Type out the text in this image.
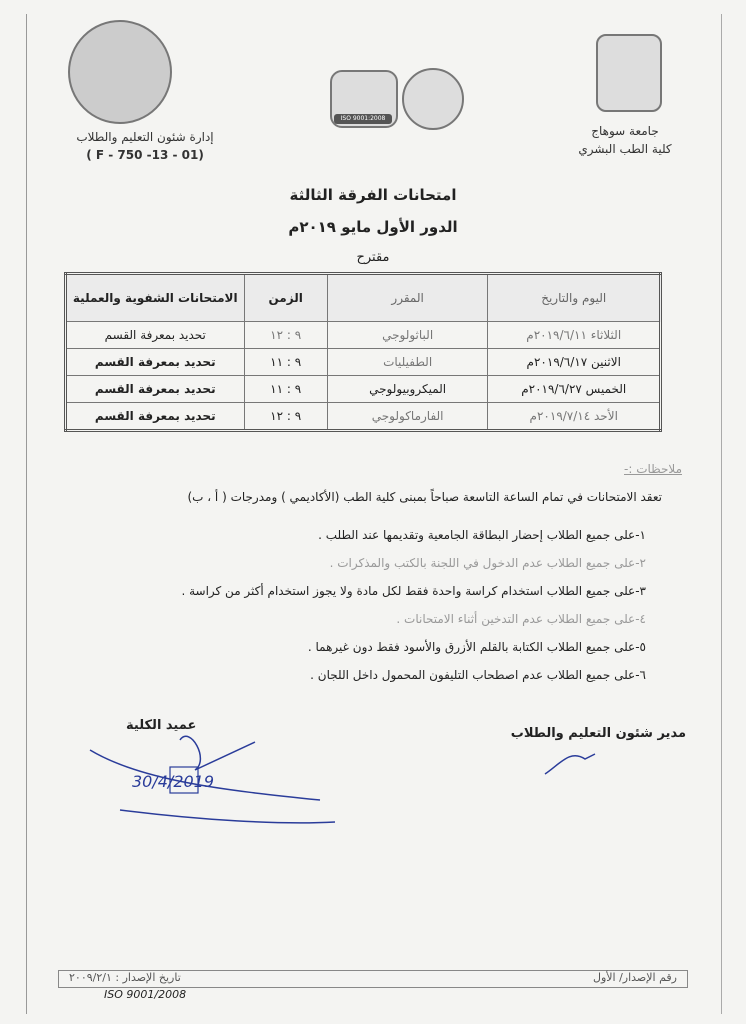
ISO 9001:2008
إدارة شئون التعليم والطلاب
( F - 750 -13 - 01)
جامعة سوهاج
كلية الطب البشري
امتحانات الفرقة الثالثة
الدور الأول مايو ٢٠١٩م
مقترح
اليوم والتاريخ	المقرر	الزمن	الامتحانات الشفوية والعملية
الثلاثاء ٢٠١٩/٦/١١م	الباثولوجي	٩ : ١٢	تحديد بمعرفة القسم
الاثنين ٢٠١٩/٦/١٧م	الطفيليات	٩ : ١١	تحديد بمعرفة القسم
الخميس ٢٠١٩/٦/٢٧م	الميكروبيولوجي	٩ : ١١	تحديد بمعرفة القسم
الأحد ٢٠١٩/٧/١٤م	الفارماكولوجي	٩ : ١٢	تحديد بمعرفة القسم
ملاحظات :-
تعقد الامتحانات في تمام الساعة التاسعة صباحاً بمبنى كلية الطب (الأكاديمي ) ومدرجات ( أ ، ب)
١-على جميع الطلاب إحضار البطاقة الجامعية وتقديمها عند الطلب .
٢-على جميع الطلاب عدم الدخول في اللجنة بالكتب والمذكرات .
٣-على جميع الطلاب استخدام كراسة واحدة فقط لكل مادة ولا يجوز استخدام أكثر من كراسة .
٤-على جميع الطلاب عدم التدخين أثناء الامتحانات .
٥-على جميع الطلاب الكتابة بالقلم الأزرق والأسود فقط دون غيرهما .
٦-على جميع الطلاب عدم اصطحاب التليفون المحمول داخل اللجان .
مدير شئون التعليم والطلاب
عميد الكلية
30/4/2019
رقم الإصدار/ الأول
تاريخ الإصدار : ٢٠٠٩/٢/١
ISO 9001/2008
